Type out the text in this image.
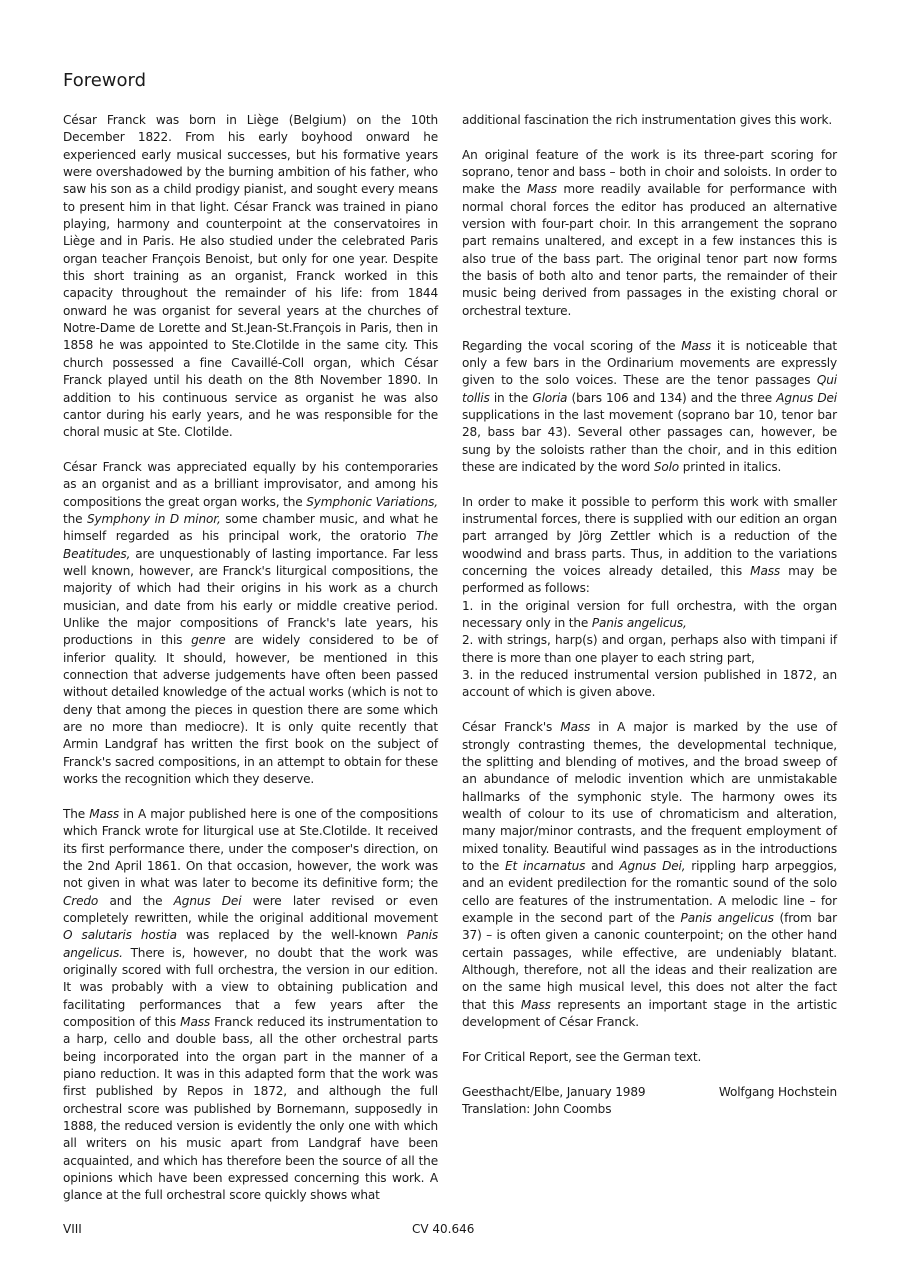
Foreword

César Franck was born in Liège (Belgium) on the 10th December 1822. From his early boyhood onward he experienced early musical successes, but his formative years were overshadowed by the burning ambition of his father, who saw his son as a child prodigy pianist, and sought every means to present him in that light. César Franck was trained in piano playing, harmony and counterpoint at the conservatoires in Liège and in Paris. He also studied under the celebrated Paris organ teacher François Benoist, but only for one year. Despite this short training as an organist, Franck worked in this capacity throughout the remainder of his life: from 1844 onward he was organist for several years at the churches of Notre-Dame de Lorette and St.Jean-St.François in Paris, then in 1858 he was appointed to Ste.Clotilde in the same city. This church possessed a fine Cavaillé-Coll organ, which César Franck played until his death on the 8th November 1890. In addition to his continuous service as organist he was also cantor during his early years, and he was responsible for the choral music at Ste. Clotilde.

César Franck was appreciated equally by his contemporaries as an organist and as a brilliant improvisator, and among his compositions the great organ works, the Symphonic Variations, the Symphony in D minor, some chamber music, and what he himself regarded as his principal work, the oratorio The Beatitudes, are unquestionably of lasting importance. Far less well known, however, are Franck's liturgical compositions, the majority of which had their origins in his work as a church musician, and date from his early or middle creative period. Unlike the major compositions of Franck's late years, his productions in this genre are widely considered to be of inferior quality. It should, however, be mentioned in this connection that adverse judgements have often been passed without detailed knowledge of the actual works (which is not to deny that among the pieces in question there are some which are no more than mediocre). It is only quite recently that Armin Landgraf has written the first book on the subject of Franck's sacred compositions, in an attempt to obtain for these works the recognition which they deserve.

The Mass in A major published here is one of the compositions which Franck wrote for liturgical use at Ste.Clotilde. It received its first performance there, under the composer's direction, on the 2nd April 1861. On that occasion, however, the work was not given in what was later to become its definitive form; the Credo and the Agnus Dei were later revised or even completely rewritten, while the original additional movement O salutaris hostia was replaced by the well-known Panis angelicus. There is, however, no doubt that the work was originally scored with full orchestra, the version in our edition. It was probably with a view to obtaining publication and facilitating performances that a few years after the composition of this Mass Franck reduced its instrumentation to a harp, cello and double bass, all the other orchestral parts being incorporated into the organ part in the manner of a piano reduction. It was in this adapted form that the work was first published by Repos in 1872, and although the full orchestral score was published by Bornemann, supposedly in 1888, the reduced version is evidently the only one with which all writers on his music apart from Landgraf have been acquainted, and which has therefore been the source of all the opinions which have been expressed concerning this work. A glance at the full orchestral score quickly shows what

additional fascination the rich instrumentation gives this work.

An original feature of the work is its three-part scoring for soprano, tenor and bass – both in choir and soloists. In order to make the Mass more readily available for performance with normal choral forces the editor has produced an alternative version with four-part choir. In this arrangement the soprano part remains unaltered, and except in a few instances this is also true of the bass part. The original tenor part now forms the basis of both alto and tenor parts, the remainder of their music being derived from passages in the existing choral or orchestral texture.

Regarding the vocal scoring of the Mass it is noticeable that only a few bars in the Ordinarium movements are expressly given to the solo voices. These are the tenor passages Qui tollis in the Gloria (bars 106 and 134) and the three Agnus Dei supplications in the last movement (soprano bar 10, tenor bar 28, bass bar 43). Several other passages can, however, be sung by the soloists rather than the choir, and in this edition these are indicated by the word Solo printed in italics.

In order to make it possible to perform this work with smaller instrumental forces, there is supplied with our edition an organ part arranged by Jörg Zettler which is a reduction of the woodwind and brass parts. Thus, in addition to the variations concerning the voices already detailed, this Mass may be performed as follows:
1. in the original version for full orchestra, with the organ necessary only in the Panis angelicus,
2. with strings, harp(s) and organ, perhaps also with timpani if there is more than one player to each string part,
3. in the reduced instrumental version published in 1872, an account of which is given above.

César Franck's Mass in A major is marked by the use of strongly contrasting themes, the developmental technique, the splitting and blending of motives, and the broad sweep of an abundance of melodic invention which are unmistakable hallmarks of the symphonic style. The harmony owes its wealth of colour to its use of chromaticism and alteration, many major/minor contrasts, and the frequent employment of mixed tonality. Beautiful wind passages as in the introductions to the Et incarnatus and Agnus Dei, rippling harp arpeggios, and an evident predilection for the romantic sound of the solo cello are features of the instrumentation. A melodic line – for example in the second part of the Panis angelicus (from bar 37) – is often given a canonic counterpoint; on the other hand certain passages, while effective, are undeniably blatant. Although, therefore, not all the ideas and their realization are on the same high musical level, this does not alter the fact that this Mass represents an important stage in the artistic development of César Franck.

For Critical Report, see the German text.

Geesthacht/Elbe, January 1989	Wolfgang Hochstein
Translation: John Coombs
VIII	CV 40.646
